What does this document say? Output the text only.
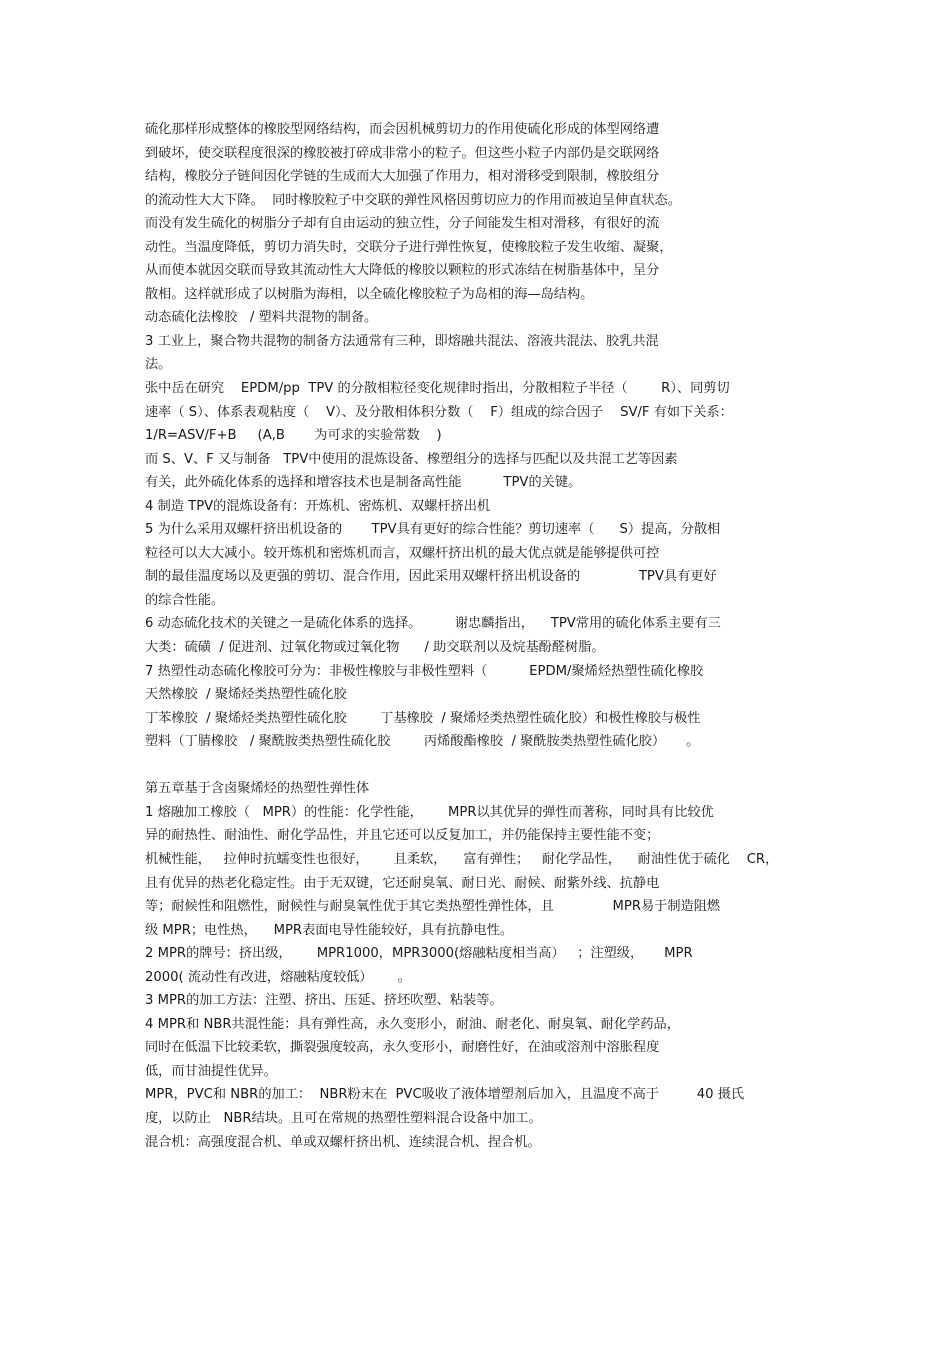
硫化那样形成整体的橡胶型网络结构，而会因机械剪切力的作用使硫化形成的体型网络遭
到破坏，使交联程度很深的橡胶被打碎成非常小的粒子。但这些小粒子内部仍是交联网络
结构，橡胶分子链间因化学链的生成而大大加强了作用力，相对滑移受到限制，橡胶组分
的流动性大大下降。  同时橡胶粒子中交联的弹性风格因剪切应力的作用而被迫呈伸直状态。
而没有发生硫化的树脂分子却有自由运动的独立性，分子间能发生相对滑移，有很好的流
动性。当温度降低，剪切力消失时，交联分子进行弹性恢复，使橡胶粒子发生收缩、凝聚，
从而使本就因交联而导致其流动性大大降低的橡胶以颗粒的形式冻结在树脂基体中，呈分
散相。这样就形成了以树脂为海相，以全硫化橡胶粒子为岛相的海—岛结构。
动态硫化法橡胶   / 塑料共混物的制备。
3 工业上，聚合物共混物的制备方法通常有三种，即熔融共混法、溶液共混法、胶乳共混
法。
张中岳在研究    EPDM/pp  TPV 的分散相粒径变化规律时指出，分散相粒子半径（        R）、同剪切
速率（ S）、体系表观粘度（    V）、及分散相体积分数（    F）组成的综合因子    SV/F 有如下关系：
1/R=ASV/F+B     (A,B       为可求的实验常数    )
而 S、V、F 又与制备   TPV中使用的混炼设备、橡塑组分的选择与匹配以及共混工艺等因素
有关，此外硫化体系的选择和增容技术也是制备高性能          TPV的关键。
4 制造 TPV的混炼设备有：开炼机、密炼机、双螺杆挤出机
5 为什么采用双螺杆挤出机设备的       TPV具有更好的综合性能？剪切速率（      S）提高，分散相
粒径可以大大减小。较开炼机和密炼机而言，双螺杆挤出机的最大优点就是能够提供可控
制的最佳温度场以及更强的剪切、混合作用，因此采用双螺杆挤出机设备的              TPV具有更好
的综合性能。
6 动态硫化技术的关键之一是硫化体系的选择。        谢忠麟指出，    TPV常用的硫化体系主要有三
大类：硫磺  / 促进剂、过氧化物或过氧化物      / 助交联剂以及烷基酚醛树脂。
7 热塑性动态硫化橡胶可分为：非极性橡胶与非极性塑料（          EPDM/聚烯烃热塑性硫化橡胶
天然橡胶  / 聚烯烃类热塑性硫化胶
丁苯橡胶  / 聚烯烃类热塑性硫化胶        丁基橡胶  / 聚烯烃类热塑性硫化胶）和极性橡胶与极性
塑料（丁腈橡胶   / 聚酰胺类热塑性硫化胶        丙烯酸酯橡胶  / 聚酰胺类热塑性硫化胶）     。
第五章基于含卤聚烯烃的热塑性弹性体
1 熔融加工橡胶（   MPR）的性能：化学性能，      MPR以其优异的弹性而著称，同时具有比较优
异的耐热性、耐油性、耐化学品性，并且它还可以反复加工，并仍能保持主要性能不变；
机械性能，   拉伸时抗蠕变性也很好，      且柔软，    富有弹性；   耐化学品性，    耐油性优于硫化    CR，
且有优异的热老化稳定性。由于无双键，它还耐臭氧、耐日光、耐候、耐紫外线、抗静电
等；耐候性和阻燃性，耐候性与耐臭氧性优于其它类热塑性弹性体，且              MPR易于制造阻燃
级 MPR；电性热，    MPR表面电导性能较好，具有抗静电性。
2 MPR的牌号：挤出级，      MPR1000，MPR3000(熔融粘度相当高）   ；注塑级，     MPR
2000( 流动性有改进，熔融粘度较低）      。
3 MPR的加工方法：注塑、挤出、压延、挤坯吹塑、粘装等。
4 MPR和 NBR共混性能：具有弹性高，永久变形小，耐油、耐老化、耐臭氧、耐化学药品，
同时在低温下比较柔软，撕裂强度较高，永久变形小，耐磨性好，在油或溶剂中溶胀程度
低，而甘油提性优异。
MPR，PVC和 NBR的加工：  NBR粉末在  PVC吸收了液体增塑剂后加入，且温度不高于         40 摄氏
度，以防止   NBR结块。且可在常规的热塑性塑料混合设备中加工。
混合机：高强度混合机、单或双螺杆挤出机、连续混合机、捏合机。
